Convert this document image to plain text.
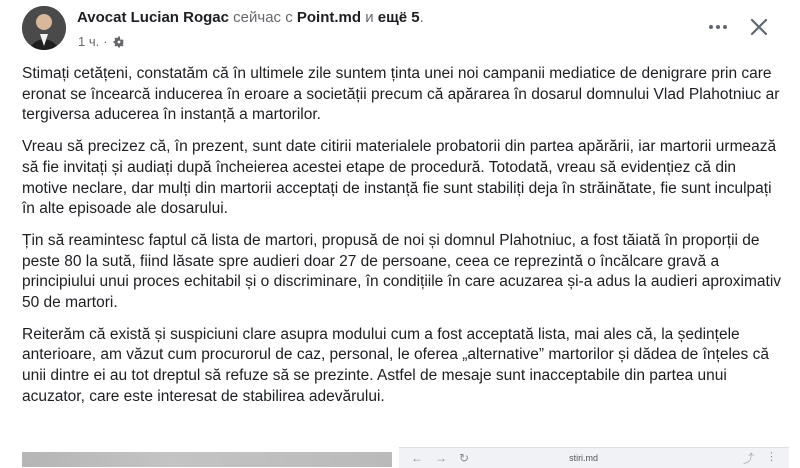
Avocat Lucian Rogac сейчас с Point.md и ещё 5.
1 ч. ·

Stimați cetățeni, constatăm că în ultimele zile suntem ținta unei noi campanii mediatice de denigrare prin care eronat se încearcă inducerea în eroare a societății precum că apărarea în dosarul domnului Vlad Plahotniuc ar tergiversa aducerea în instanță a martorilor.

Vreau să precizez că, în prezent, sunt date citirii materialele probatorii din partea apărării, iar martorii urmează să fie invitați și audiați după încheierea acestei etape de procedură. Totodată, vreau să evidențiez că din motive neclare, dar mulți din martorii acceptați de instanță fie sunt stabiliți deja în străinătate, fie sunt inculpați în alte episoade ale dosarului.

Țin să reamintesc faptul că lista de martori, propusă de noi și domnul Plahotniuc, a fost tăiată în proporții de peste 80 la sută, fiind lăsate spre audieri doar 27 de persoane, ceea ce reprezintă o încălcare gravă a principiului unui proces echitabil și o discriminare, în condițiile în care acuzarea și-a adus la audieri aproximativ 50 de martori.

Reiterăm că există și suspiciuni clare asupra modului cum a fost acceptată lista, mai ales că, la ședințele anterioare, am văzut cum procurorul de caz, personal, le oferea „alternative” martorilor și dădea de înțeles că unii dintre ei au tot dreptul să refuze să se prezinte. Astfel de mesaje sunt inacceptabile din partea unui acuzator, care este interesat de stabilirea adevărului.

← → ↻	stiri.md	⤴ ⋮
